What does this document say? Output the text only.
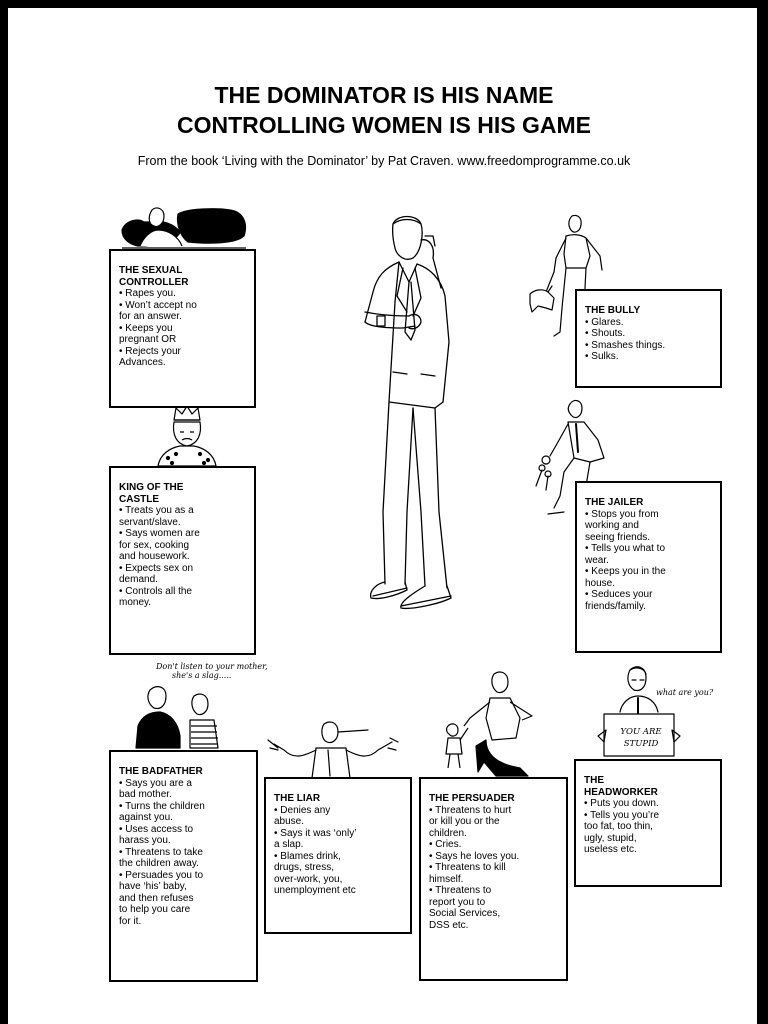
THE DOMINATOR IS HIS NAME
CONTROLLING WOMEN IS HIS GAME
From the book ‘Living with the Dominator’ by Pat Craven. www.freedomprogramme.co.uk
Don't listen to your mother,
she's a slag.....
what are you?
YOU ARE
STUPID
THE SEXUAL
CONTROLLER
• Rapes you.
• Won’t accept no
for an answer.
• Keeps you
pregnant OR
• Rejects your
Advances.
THE BULLY
• Glares.
• Shouts.
• Smashes things.
• Sulks.
KING OF THE
CASTLE
• Treats you as a
servant/slave.
• Says women are
for sex, cooking
and housework.
• Expects sex on
demand.
• Controls all the
money.
THE JAILER
• Stops you from
working and
seeing friends.
• Tells you what to
wear.
• Keeps you in the
house.
• Seduces your
friends/family.
THE BADFATHER
• Says you are a
bad mother.
• Turns the children
against you.
• Uses access to
harass you.
• Threatens to take
the children away.
• Persuades you to
have ‘his’ baby,
and then refuses
to help you care
for it.
THE LIAR
• Denies any
abuse.
• Says it was ‘only’
a slap.
• Blames drink,
drugs, stress,
over-work, you,
unemployment etc
THE PERSUADER
• Threatens to hurt
or kill you or the
children.
• Cries.
• Says he loves you.
• Threatens to kill
himself.
• Threatens to
report you to
Social Services,
DSS etc.
THE
HEADWORKER
• Puts you down.
• Tells you you’re
too fat, too thin,
ugly, stupid,
useless etc.
